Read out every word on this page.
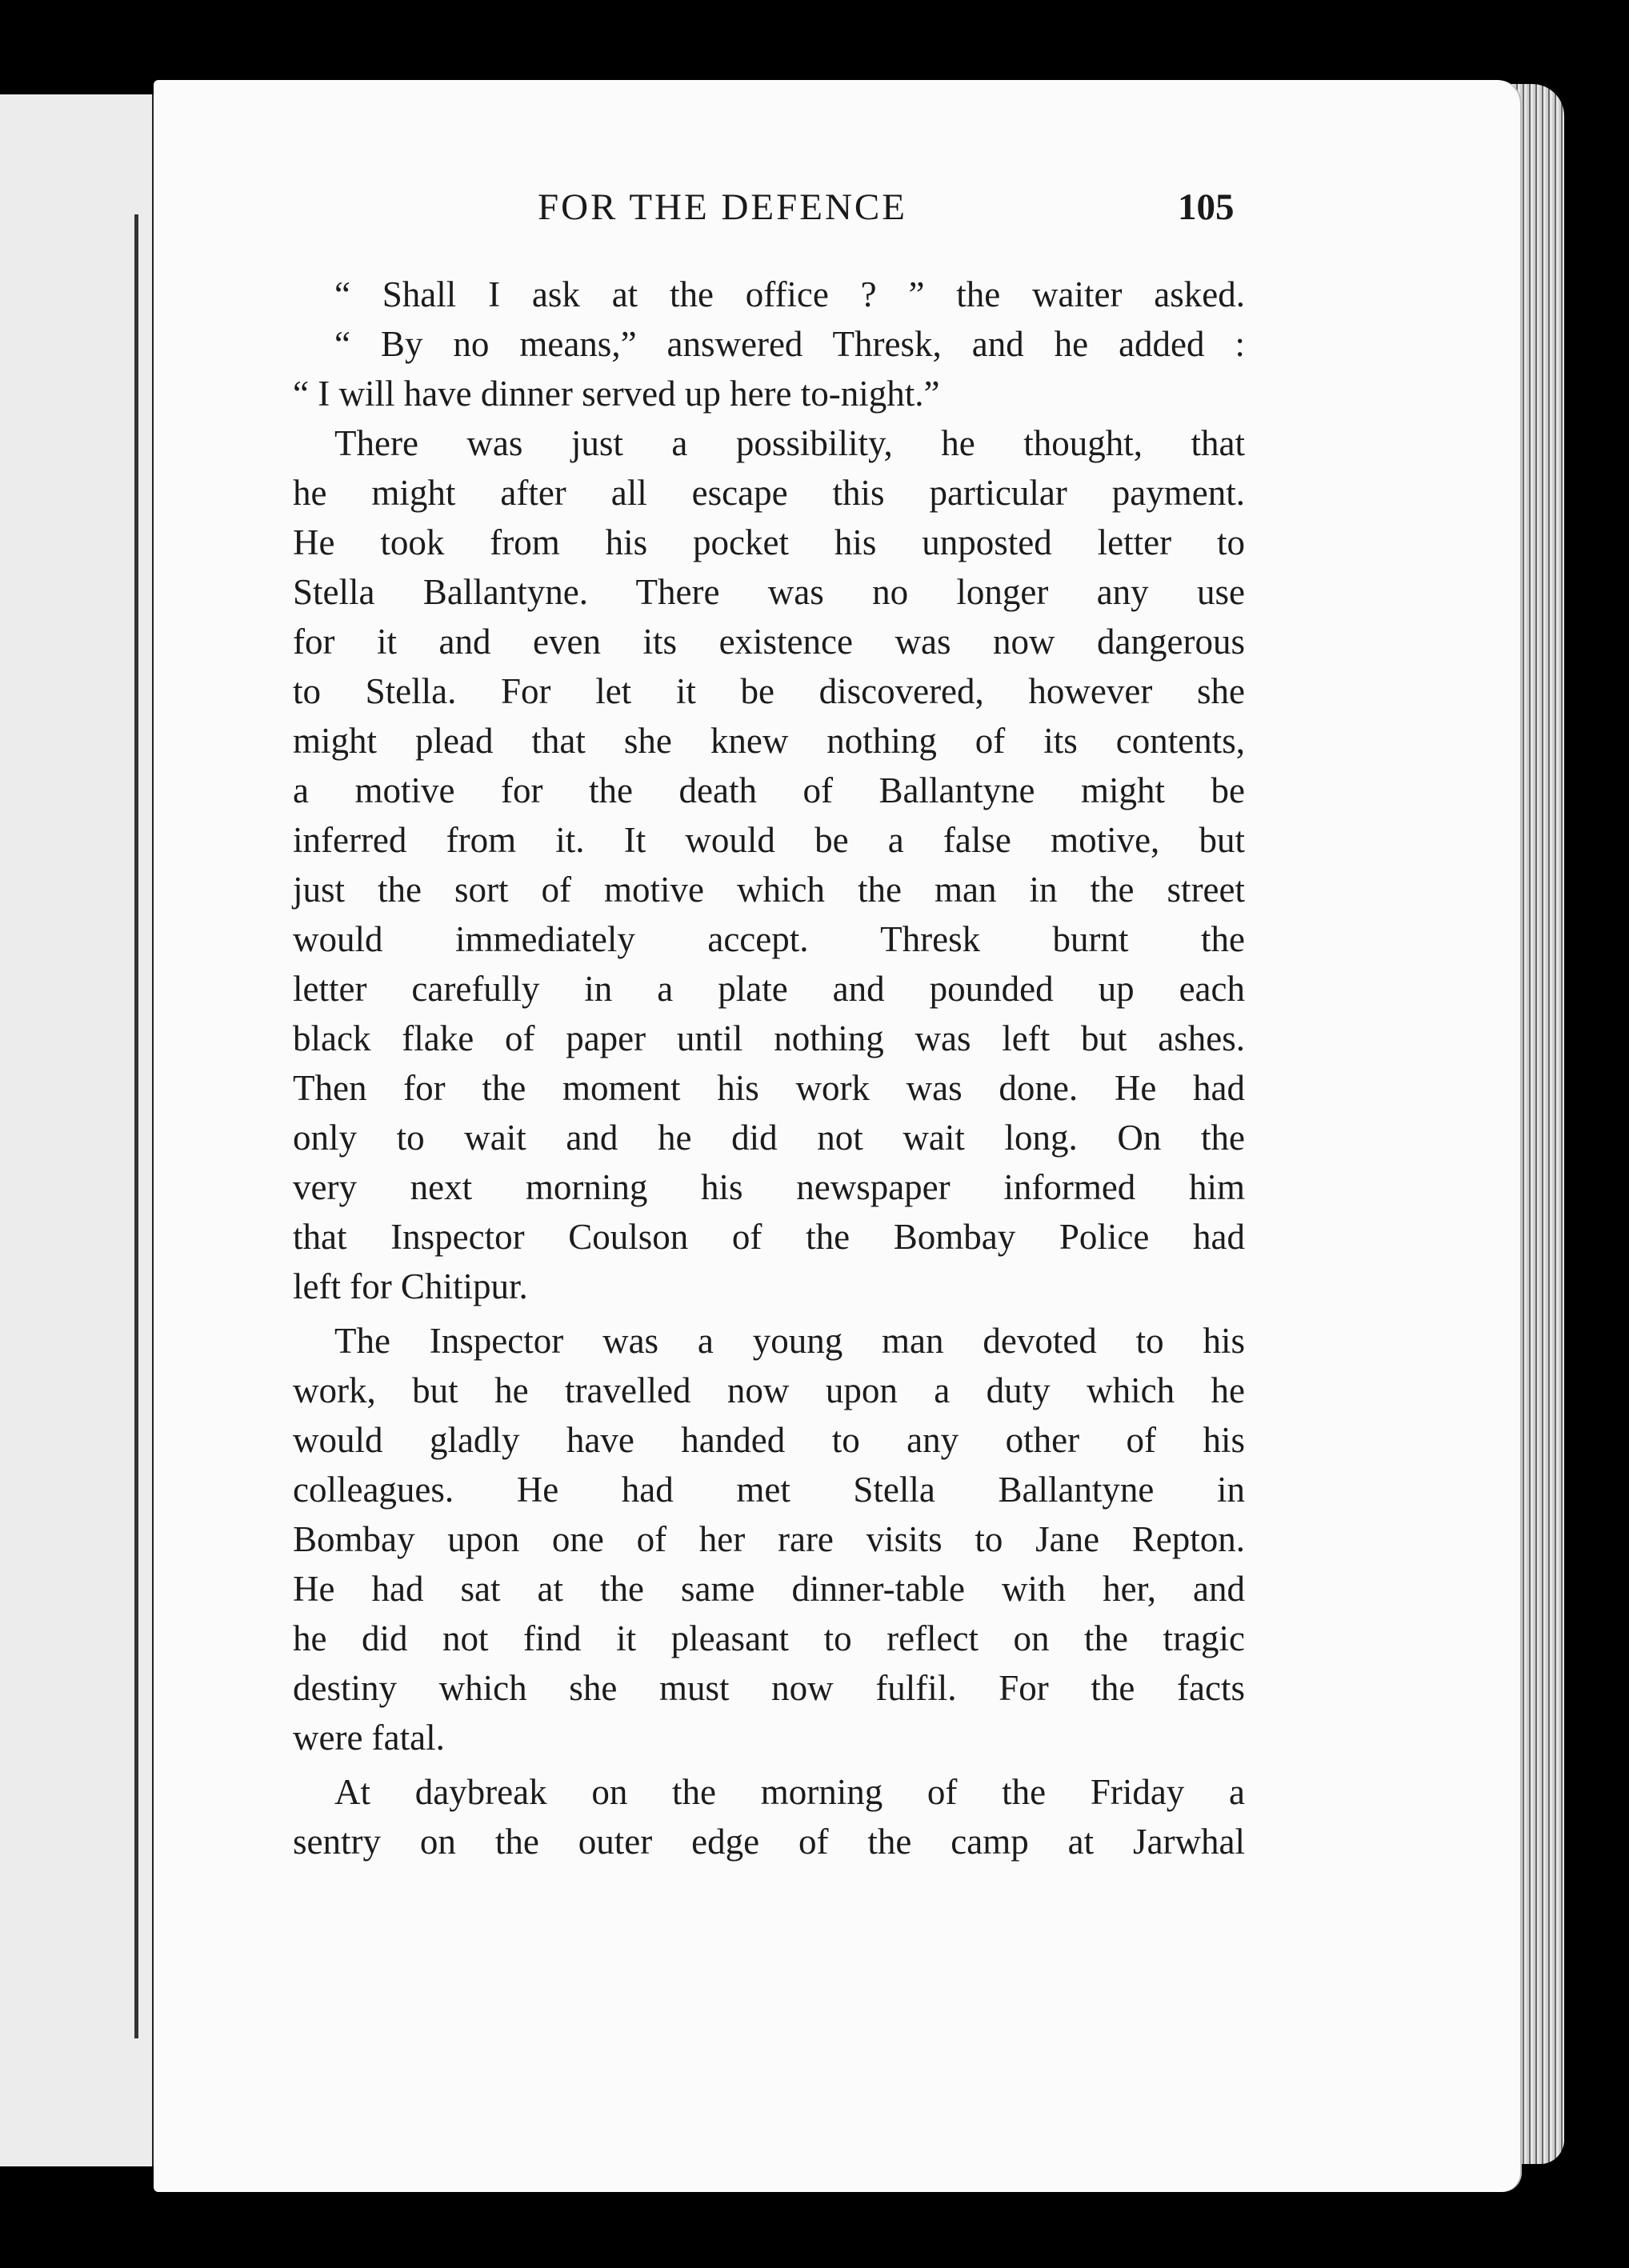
FOR THE DEFENCE	105
“ Shall I ask at the office ? ” the waiter asked.
“ By no means,” answered Thresk, and he added :
“ I will have dinner served up here to-night.”
There was just a possibility, he thought, that
he might after all escape this particular payment.
He took from his pocket his unposted letter to
Stella Ballantyne. There was no longer any use
for it and even its existence was now dangerous
to Stella. For let it be discovered, however she
might plead that she knew nothing of its contents,
a motive for the death of Ballantyne might be
inferred from it. It would be a false motive, but
just the sort of motive which the man in the street
would immediately accept. Thresk burnt the
letter carefully in a plate and pounded up each
black flake of paper until nothing was left but ashes.
Then for the moment his work was done. He had
only to wait and he did not wait long. On the
very next morning his newspaper informed him
that Inspector Coulson of the Bombay Police had
left for Chitipur.
The Inspector was a young man devoted to his
work, but he travelled now upon a duty which he
would gladly have handed to any other of his
colleagues. He had met Stella Ballantyne in
Bombay upon one of her rare visits to Jane Repton.
He had sat at the same dinner-table with her, and
he did not find it pleasant to reflect on the tragic
destiny which she must now fulfil. For the facts
were fatal.
At daybreak on the morning of the Friday a
sentry on the outer edge of the camp at Jarwhal
